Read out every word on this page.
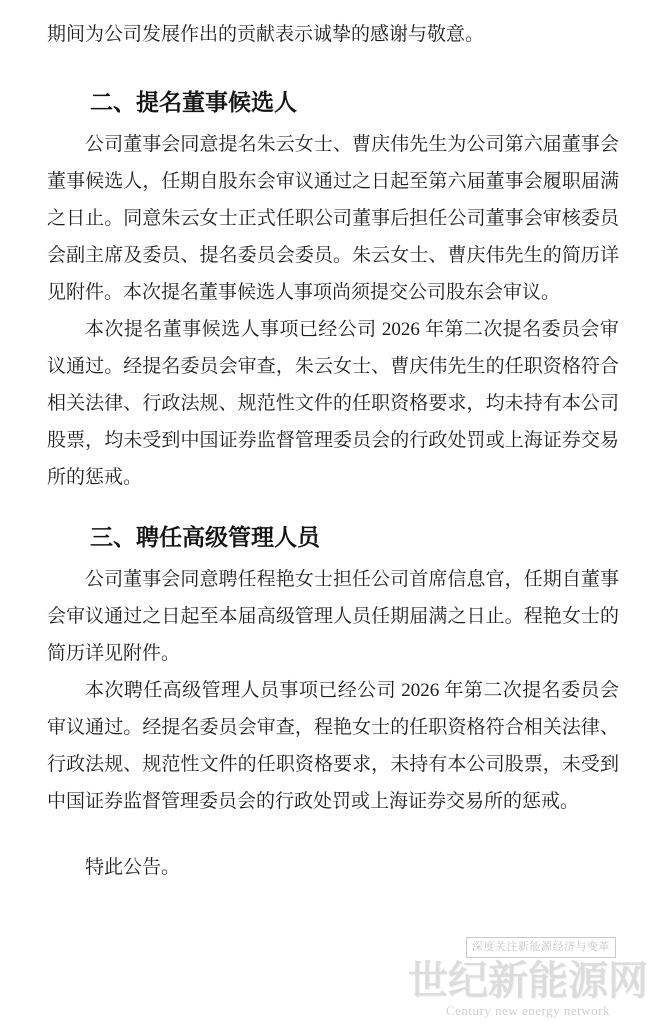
期间为公司发展作出的贡献表示诚挚的感谢与敬意。
二、提名董事候选人
公司董事会同意提名朱云女士、曹庆伟先生为公司第六届董事会
董事候选人，任期自股东会审议通过之日起至第六届董事会履职届满
之日止。同意朱云女士正式任职公司董事后担任公司董事会审核委员
会副主席及委员、提名委员会委员。朱云女士、曹庆伟先生的简历详
见附件。本次提名董事候选人事项尚须提交公司股东会审议。
本次提名董事候选人事项已经公司 2026 年第二次提名委员会审
议通过。经提名委员会审查，朱云女士、曹庆伟先生的任职资格符合
相关法律、行政法规、规范性文件的任职资格要求，均未持有本公司
股票，均未受到中国证券监督管理委员会的行政处罚或上海证券交易
所的惩戒。
三、聘任高级管理人员
公司董事会同意聘任程艳女士担任公司首席信息官，任期自董事
会审议通过之日起至本届高级管理人员任期届满之日止。程艳女士的
简历详见附件。
本次聘任高级管理人员事项已经公司 2026 年第二次提名委员会
审议通过。经提名委员会审查，程艳女士的任职资格符合相关法律、
行政法规、规范性文件的任职资格要求，未持有本公司股票，未受到
中国证券监督管理委员会的行政处罚或上海证券交易所的惩戒。
特此公告。
深度关注新能源经济与变革
世纪新能源网
Century new energy network
